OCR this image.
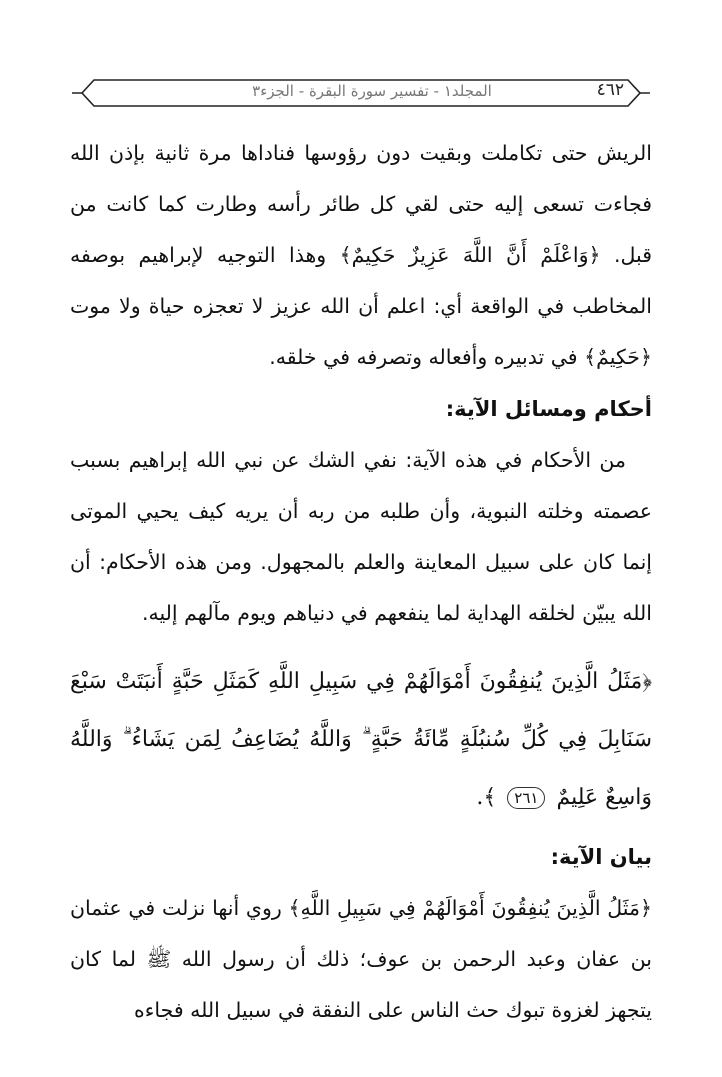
٤٦٢
المجلد١ - تفسير سورة البقرة - الجزء٣

الريش حتى تكاملت وبقيت دون رؤوسها فناداها مرة ثانية بإذن الله فجاءت تسعى إليه حتى لقي كل طائر رأسه وطارت كما كانت من قبل. ﴿وَاعْلَمْ أَنَّ اللَّهَ عَزِيزٌ حَكِيمٌ﴾ وهذا التوجيه لإبراهيم بوصفه المخاطب في الواقعة أي: اعلم أن الله عزيز لا تعجزه حياة ولا موت ﴿حَكِيمٌ﴾ في تدبيره وأفعاله وتصرفه في خلقه.

أحكام ومسائل الآية:

من الأحكام في هذه الآية: نفي الشك عن نبي الله إبراهيم بسبب عصمته وخلته النبوية، وأن طلبه من ربه أن يريه كيف يحيي الموتى إنما كان على سبيل المعاينة والعلم بالمجهول. ومن هذه الأحكام: أن الله يبيّن لخلقه الهداية لما ينفعهم في دنياهم ويوم مآلهم إليه.

﴿مَثَلُ الَّذِينَ يُنفِقُونَ أَمْوَالَهُمْ فِي سَبِيلِ اللَّهِ كَمَثَلِ حَبَّةٍ أَنبَتَتْ سَبْعَ سَنَابِلَ فِي كُلِّ سُنبُلَةٍ مِّائَةُ حَبَّةٍ ۗ وَاللَّهُ يُضَاعِفُ لِمَن يَشَاءُ ۗ وَاللَّهُ وَاسِعٌ عَلِيمٌ ٢٦١ ﴾.

بيان الآية:

﴿مَثَلُ الَّذِينَ يُنفِقُونَ أَمْوَالَهُمْ فِي سَبِيلِ اللَّهِ﴾ روي أنها نزلت في عثمان بن عفان وعبد الرحمن بن عوف؛ ذلك أن رسول الله ﷺ لما كان يتجهز لغزوة تبوك حث الناس على النفقة في سبيل الله فجاءه
